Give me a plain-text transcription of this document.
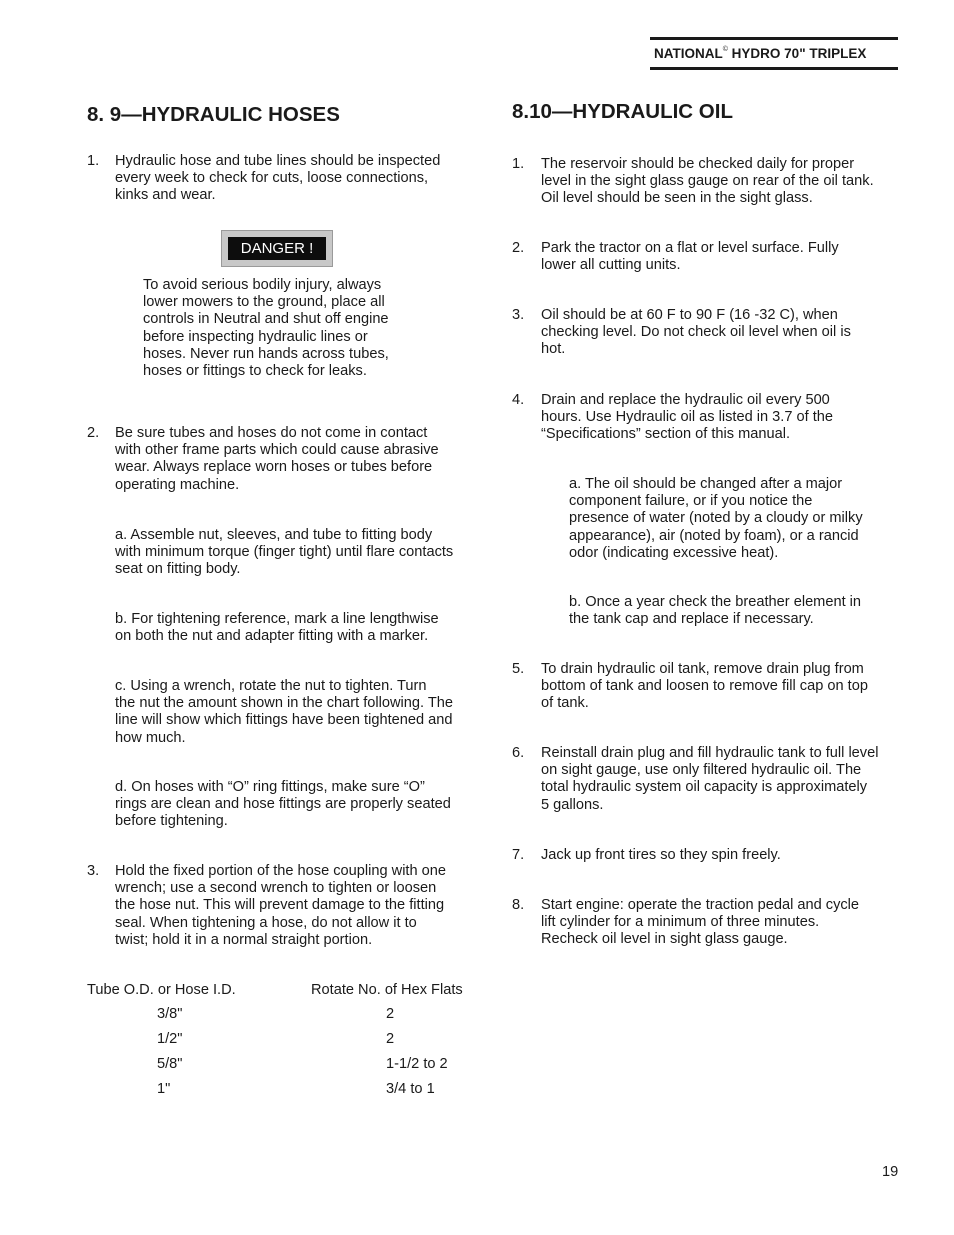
NATIONAL© HYDRO 70" TRIPLEX
8. 9—HYDRAULIC HOSES
1.	Hydraulic hose and tube lines should be inspected
every week to check for cuts, loose connections,
kinks and wear.
DANGER !
To avoid serious bodily injury, always
lower mowers to the ground, place all
controls in Neutral and shut off engine
before inspecting hydraulic lines or
hoses. Never run hands across tubes,
hoses or fittings to check for leaks.
2.	Be sure tubes and hoses do not come in contact
with other frame parts which could cause abrasive
wear. Always replace worn hoses or tubes before
operating machine.
a. Assemble nut, sleeves, and tube to fitting body
with minimum torque (finger tight) until flare contacts
seat on fitting body.
b. For tightening reference, mark a line lengthwise
on both the nut and adapter fitting with a marker.
c. Using a wrench, rotate the nut to tighten. Turn
the nut the amount shown in the chart following. The
line will show which fittings have been tightened and
how much.
d. On hoses with “O” ring fittings, make sure “O”
rings are clean and hose fittings are properly seated
before tightening.
3.	Hold the fixed portion of the hose coupling with one
wrench; use a second wrench to tighten or loosen
the hose nut. This will prevent damage to the fitting
seal. When tightening a hose, do not allow it to
twist; hold it in a normal straight portion.
Tube O.D. or Hose I.D.	Rotate No. of Hex Flats
3/8"	2
1/2"	2
5/8"	1-1/2 to 2
1"	3/4 to 1
8.10—HYDRAULIC OIL
1.	The reservoir should be checked daily for proper
level in the sight glass gauge on rear of the oil tank.
Oil level should be seen in the sight glass.
2.	Park the tractor on a flat or level surface. Fully
lower all cutting units.
3.	Oil should be at 60 F to 90 F (16 -32 C), when
checking level. Do not check oil level when oil is
hot.
4.	Drain and replace the hydraulic oil every 500
hours. Use Hydraulic oil as listed in 3.7 of the
“Specifications” section of this manual.
a. The oil should be changed after a major
component failure, or if you notice the
presence of water (noted by a cloudy or milky
appearance), air (noted by foam), or a rancid
odor (indicating excessive heat).
b. Once a year check the breather element in
the tank cap and replace if necessary.
5.	To drain hydraulic oil tank, remove drain plug from
bottom of tank and loosen to remove fill cap on top
of tank.
6.	Reinstall drain plug and fill hydraulic tank to full level
on sight gauge, use only filtered hydraulic oil. The
total hydraulic system oil capacity is approximately
5 gallons.
7.	Jack up front tires so they spin freely.
8.	Start engine: operate the traction pedal and cycle
lift cylinder for a minimum of three minutes.
Recheck oil level in sight glass gauge.
19
